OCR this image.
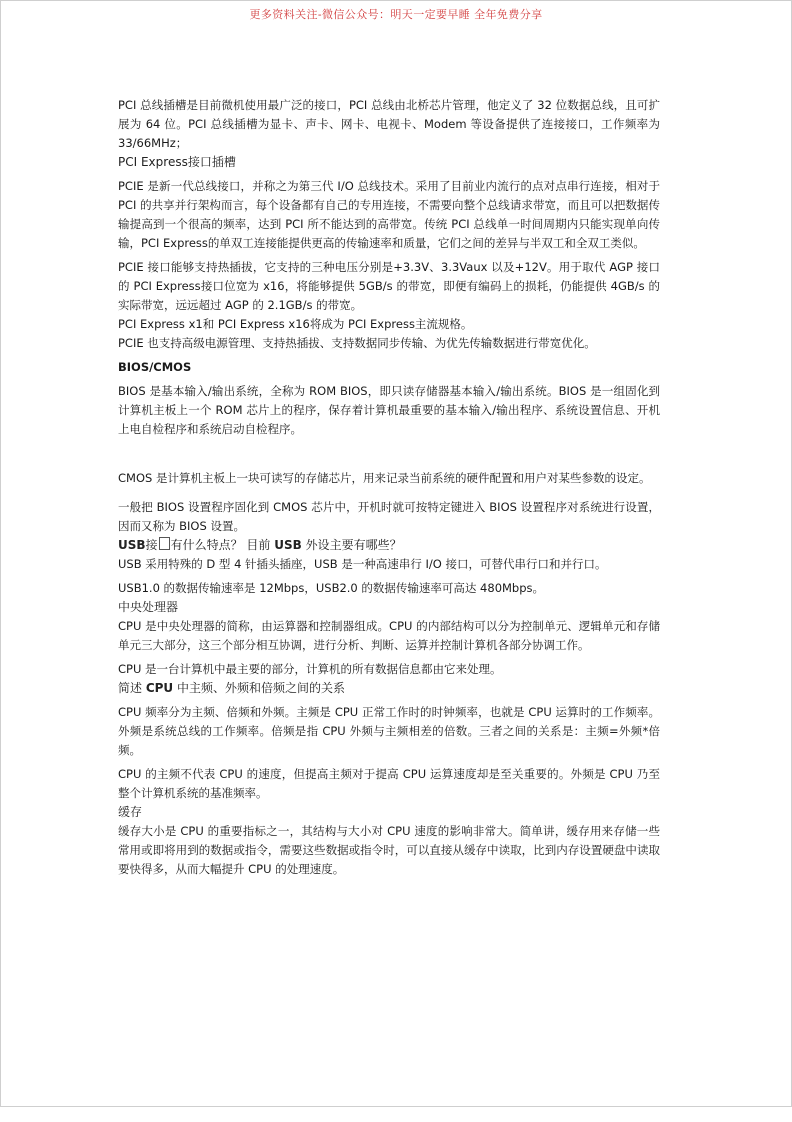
更多资料关注-微信公众号：明天一定要早睡 全年免费分享

PCI 总线插槽是目前微机使用最广泛的接口，PCI 总线由北桥芯片管理，他定义了 32 位数据总线，且可扩展为 64 位。PCI 总线插槽为显卡、声卡、网卡、电视卡、Modem 等设备提供了连接接口，工作频率为 33/66MHz；

PCI Express接口插槽

PCIE 是新一代总线接口，并称之为第三代 I/O 总线技术。采用了目前业内流行的点对点串行连接，相对于 PCI 的共享并行架构而言，每个设备都有自己的专用连接，不需要向整个总线请求带宽，而且可以把数据传输提高到一个很高的频率，达到 PCI 所不能达到的高带宽。传统 PCI 总线单一时间周期内只能实现单向传输，PCI Express的单双工连接能提供更高的传输速率和质量，它们之间的差异与半双工和全双工类似。

PCIE 接口能够支持热插拔，它支持的三种电压分别是+3.3V、3.3Vaux 以及+12V。用于取代 AGP 接口的 PCI Express接口位宽为 x16，将能够提供 5GB/s 的带宽，即便有编码上的损耗，仍能提供 4GB/s 的实际带宽，远远超过 AGP 的 2.1GB/s 的带宽。

PCI Express x1和 PCI Express x16将成为 PCI Express主流规格。

PCIE 也支持高级电源管理、支持热插拔、支持数据同步传输、为优先传输数据进行带宽优化。

BIOS/CMOS

BIOS 是基本输入/输出系统，全称为 ROM BIOS，即只读存储器基本输入/输出系统。BIOS 是一组固化到计算机主板上一个 ROM 芯片上的程序，保存着计算机最重要的基本输入/输出程序、系统设置信息、开机上电自检程序和系统启动自检程序。

CMOS 是计算机主板上一块可读写的存储芯片，用来记录当前系统的硬件配置和用户对某些参数的设定。

一般把 BIOS 设置程序固化到 CMOS 芯片中，开机时就可按特定键进入 BIOS 设置程序对系统进行设置，因而又称为 BIOS 设置。

USB接 有什么特点？ 目前 USB 外设主要有哪些？

USB 采用特殊的 D 型 4 针插头插座，USB 是一种高速串行 I/O 接口，可替代串行口和并行口。

USB1.0 的数据传输速率是 12Mbps，USB2.0 的数据传输速率可高达 480Mbps。

中央处理器

CPU 是中央处理器的简称，由运算器和控制器组成。CPU 的内部结构可以分为控制单元、逻辑单元和存储单元三大部分，这三个部分相互协调，进行分析、判断、运算并控制计算机各部分协调工作。

CPU 是一台计算机中最主要的部分，计算机的所有数据信息都由它来处理。

简述 CPU 中主频、外频和倍频之间的关系

CPU 频率分为主频、倍频和外频。主频是 CPU 正常工作时的时钟频率，也就是 CPU 运算时的工作频率。外频是系统总线的工作频率。倍频是指 CPU 外频与主频相差的倍数。三者之间的关系是：主频=外频*倍频。

CPU 的主频不代表 CPU 的速度，但提高主频对于提高 CPU 运算速度却是至关重要的。外频是 CPU 乃至整个计算机系统的基准频率。

缓存

缓存大小是 CPU 的重要指标之一，其结构与大小对 CPU 速度的影响非常大。简单讲，缓存用来存储一些常用或即将用到的数据或指令，需要这些数据或指令时，可以直接从缓存中读取，比到内存设置硬盘中读取要快得多，从而大幅提升 CPU 的处理速度。
